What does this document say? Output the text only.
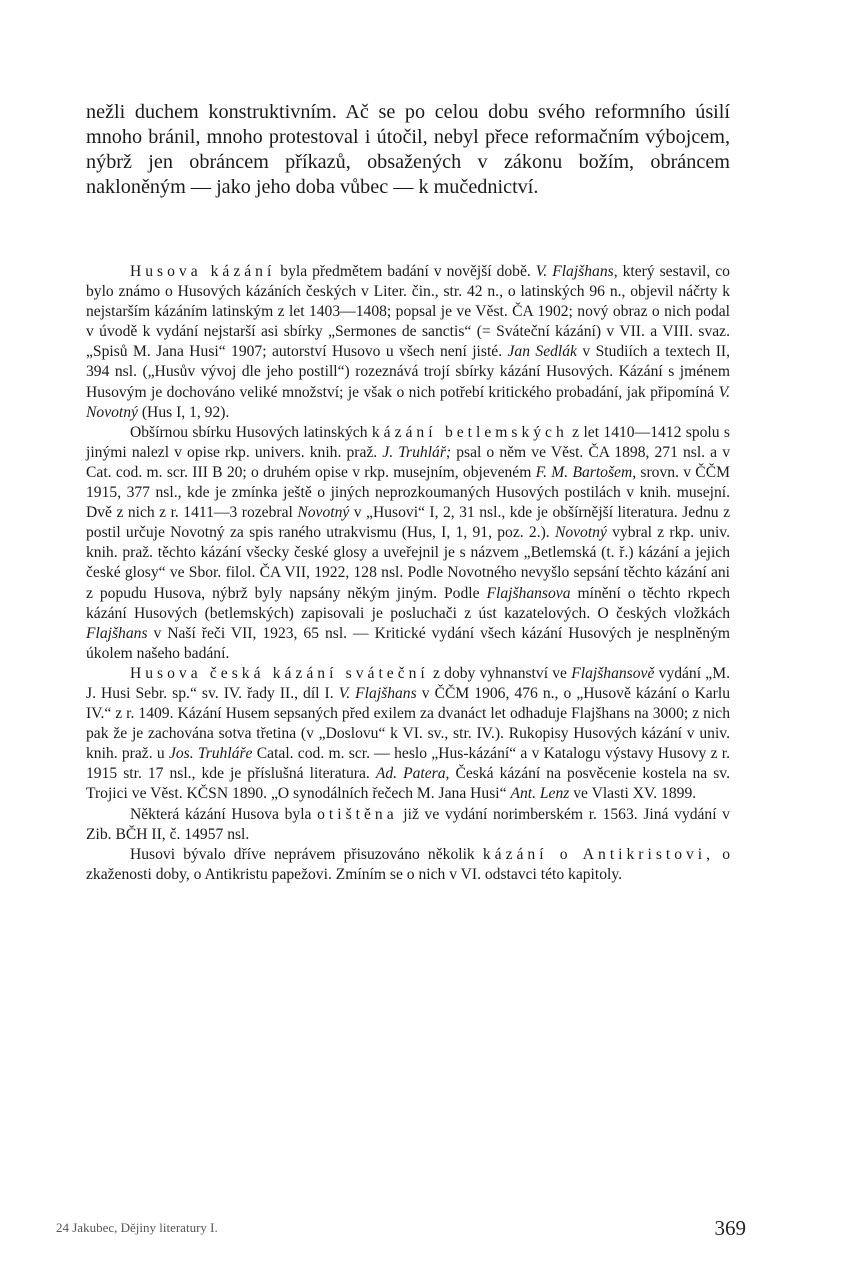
nežli duchem konstruktivním. Ač se po celou dobu svého reformního úsilí mnoho bránil, mnoho protestoval i útočil, nebyl přece reformačním výbojcem, nýbrž jen obráncem příkazů, obsažených v zákonu božím, obráncem nakloněným — jako jeho doba vůbec — k mučednictví.

Husova kázání byla předmětem badání v novější době. V. Flajšhans, který sestavil, co bylo známo o Husových kázáních českých v Liter. čin., str. 42 n., o latinských 96 n., objevil náčrty k nejstarším kázáním latinským z let 1403—1408; popsal je ve Věst. ČA 1902; nový obraz o nich podal v úvodě k vydání nejstarší asi sbírky „Sermones de sanctis“ (= Sváteční kázání) v VII. a VIII. svaz. „Spisů M. Jana Husi“ 1907; autorství Husovo u všech není jisté. Jan Sedlák v Studiích a textech II, 394 nsl. („Husův vývoj dle jeho postill“) rozeznává trojí sbírky kázání Husových. Kázání s jménem Husovým je dochováno veliké množství; je však o nich potřebí kritického probadání, jak připomíná V. Novotný (Hus I, 1, 92).

Obšírnou sbírku Husových latinských kázání betlemských z let 1410—1412 spolu s jinými nalezl v opise rkp. univers. knih. praž. J. Truhlář; psal o něm ve Věst. ČA 1898, 271 nsl. a v Cat. cod. m. scr. III B 20; o druhém opise v rkp. musejním, objeveném F. M. Bartošem, srovn. v ČČM 1915, 377 nsl., kde je zmínka ještě o jiných neprozkoumaných Husových postilách v knih. musejní. Dvě z nich z r. 1411—3 rozebral Novotný v „Husovi“ I, 2, 31 nsl., kde je obšírnější literatura. Jednu z postil určuje Novotný za spis raného utrakvismu (Hus, I, 1, 91, poz. 2.). Novotný vybral z rkp. univ. knih. praž. těchto kázání všecky české glosy a uveřejnil je s názvem „Betlemská (t. ř.) kázání a jejich české glosy“ ve Sbor. filol. ČA VII, 1922, 128 nsl. Podle Novotného nevyšlo sepsání těchto kázání ani z popudu Husova, nýbrž byly napsány někým jiným. Podle Flajšhansova mínění o těchto rkpech kázání Husových (betlemských) zapisovali je posluchači z úst kazatelových. O českých vložkách Flajšhans v Naší řeči VII, 1923, 65 nsl. — Kritické vydání všech kázání Husových je nesplněným úkolem našeho badání.

Husova česká kázání sváteční z doby vyhnanství ve Flajšhansově vydání „M. J. Husi Sebr. sp.“ sv. IV. řady II., díl I. V. Flajšhans v ČČM 1906, 476 n., o „Husově kázání o Karlu IV.“ z r. 1409. Kázání Husem sepsaných před exilem za dvanáct let odhaduje Flajšhans na 3000; z nich pak že je zachována sotva třetina (v „Doslovu“ k VI. sv., str. IV.). Rukopisy Husových kázání v univ. knih. praž. u Jos. Truhláře Catal. cod. m. scr. — heslo „Hus-kázání“ a v Katalogu výstavy Husovy z r. 1915 str. 17 nsl., kde je příslušná literatura. Ad. Patera, Česká kázání na posvěcenie kostela na sv. Trojici ve Věst. KČSN 1890. „O synodálních řečech M. Jana Husi“ Ant. Lenz ve Vlasti XV. 1899.

Některá kázání Husova byla otištěna již ve vydání norimberském r. 1563. Jiná vydání v Zib. BČH II, č. 14957 nsl.

Husovi bývalo dříve neprávem přisuzováno několik kázání o Antikristovi, o zkaženosti doby, o Antikristu papežovi. Zmíním se o nich v VI. odstavci této kapitoly.

24 Jakubec, Dějiny literatury I.	369
